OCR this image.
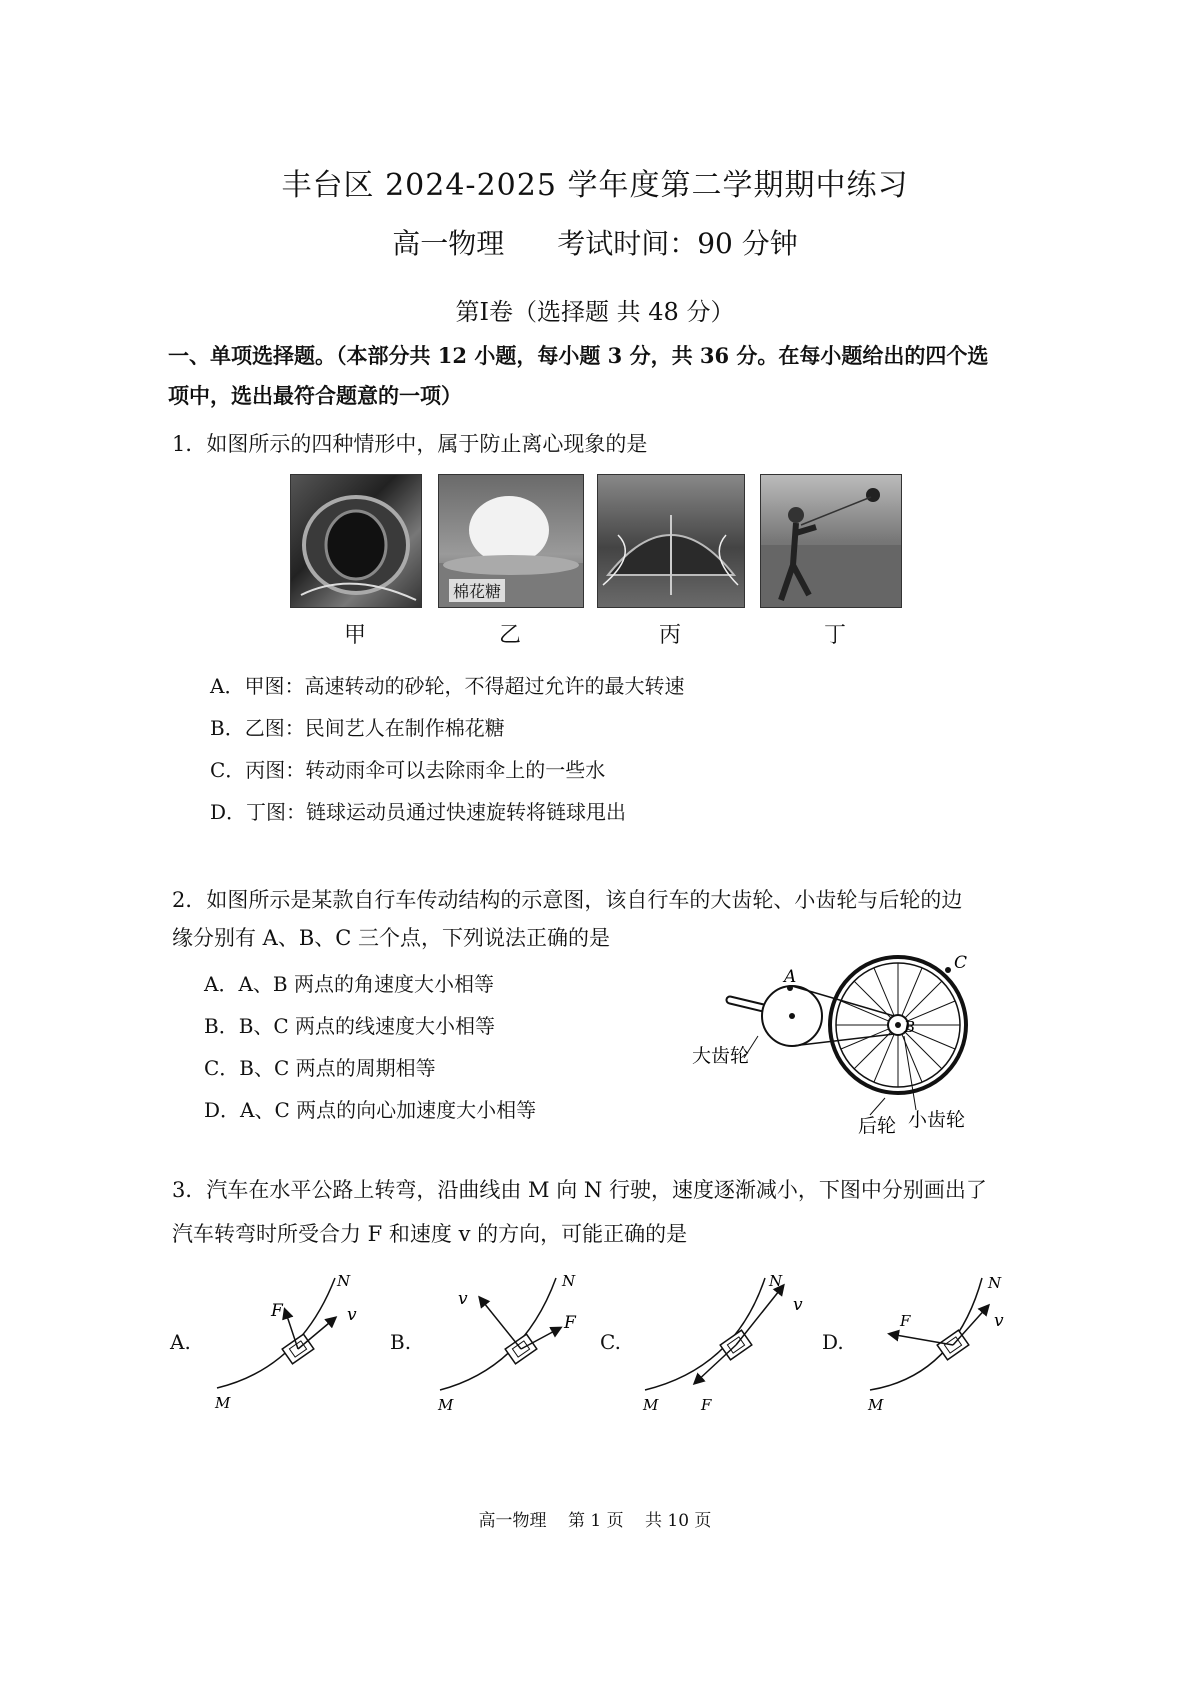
丰台区 2024-2025 学年度第二学期期中练习
高一物理 考试时间：90 分钟
第Ⅰ卷（选择题 共 48 分）
一、单项选择题。（本部分共 12 小题，每小题 3 分，共 36 分。在每小题给出的四个选
项中，选出最符合题意的一项）
1．如图所示的四种情形中，属于防止离心现象的是
棉花糖
甲	乙	丙	丁
A．甲图：高速转动的砂轮，不得超过允许的最大转速
B．乙图：民间艺人在制作棉花糖
C．丙图：转动雨伞可以去除雨伞上的一些水
D．丁图：链球运动员通过快速旋转将链球甩出
2．如图所示是某款自行车传动结构的示意图，该自行车的大齿轮、小齿轮与后轮的边
缘分别有 A、B、C 三个点，下列说法正确的是
A．A、B 两点的角速度大小相等
B．B、C 两点的线速度大小相等
C．B、C 两点的周期相等
D．A、C 两点的向心加速度大小相等
A
B
C
大齿轮
后轮 小齿轮
3．汽车在水平公路上转弯，沿曲线由 M 向 N 行驶，速度逐渐减小，下图中分别画出了
汽车转弯时所受合力 F 和速度 v 的方向，可能正确的是
A.
F	v
N
M
B.
v
F
N
M
C.
v
F
N
M
D.
v
F
N
M
高一物理 第 1 页 共 10 页
